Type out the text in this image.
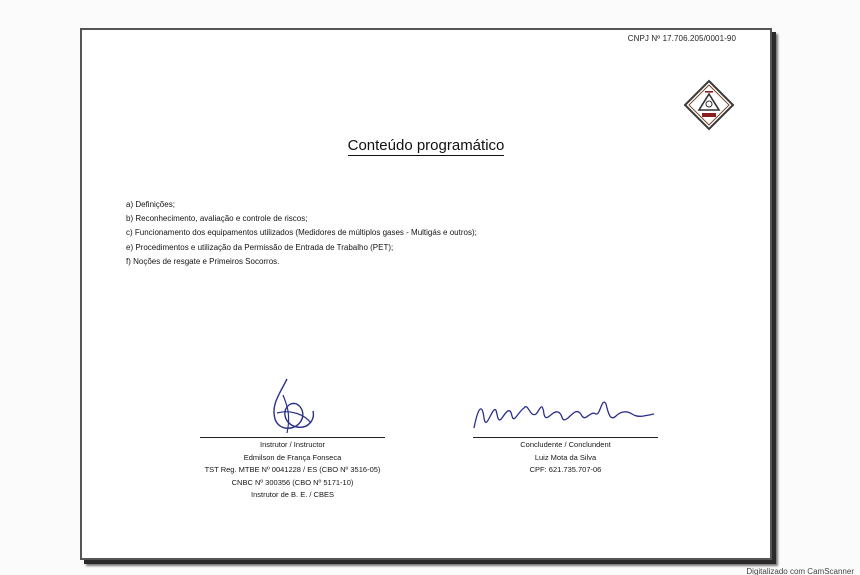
CNPJ Nº 17.706.205/0001-90
Conteúdo programático
a) Definições;
b) Reconhecimento, avaliação e controle de riscos;
c) Funcionamento dos equipamentos utilizados (Medidores de múltiplos gases - Multigás e outros);
e) Procedimentos e utilização da Permissão de Entrada de Trabalho (PET);
f) Noções de resgate e Primeiros Socorros.
Instrutor / Instructor
Edmilson de França Fonseca
TST Reg. MTBE Nº 0041228 / ES (CBO Nº 3516-05)
CNBC Nº 300356 (CBO Nº 5171-10)
Instrutor de B. E. / CBES
Concludente / Conclundent
Luiz Mota da Silva
CPF: 621.735.707-06
Digitalizado com CamScanner
